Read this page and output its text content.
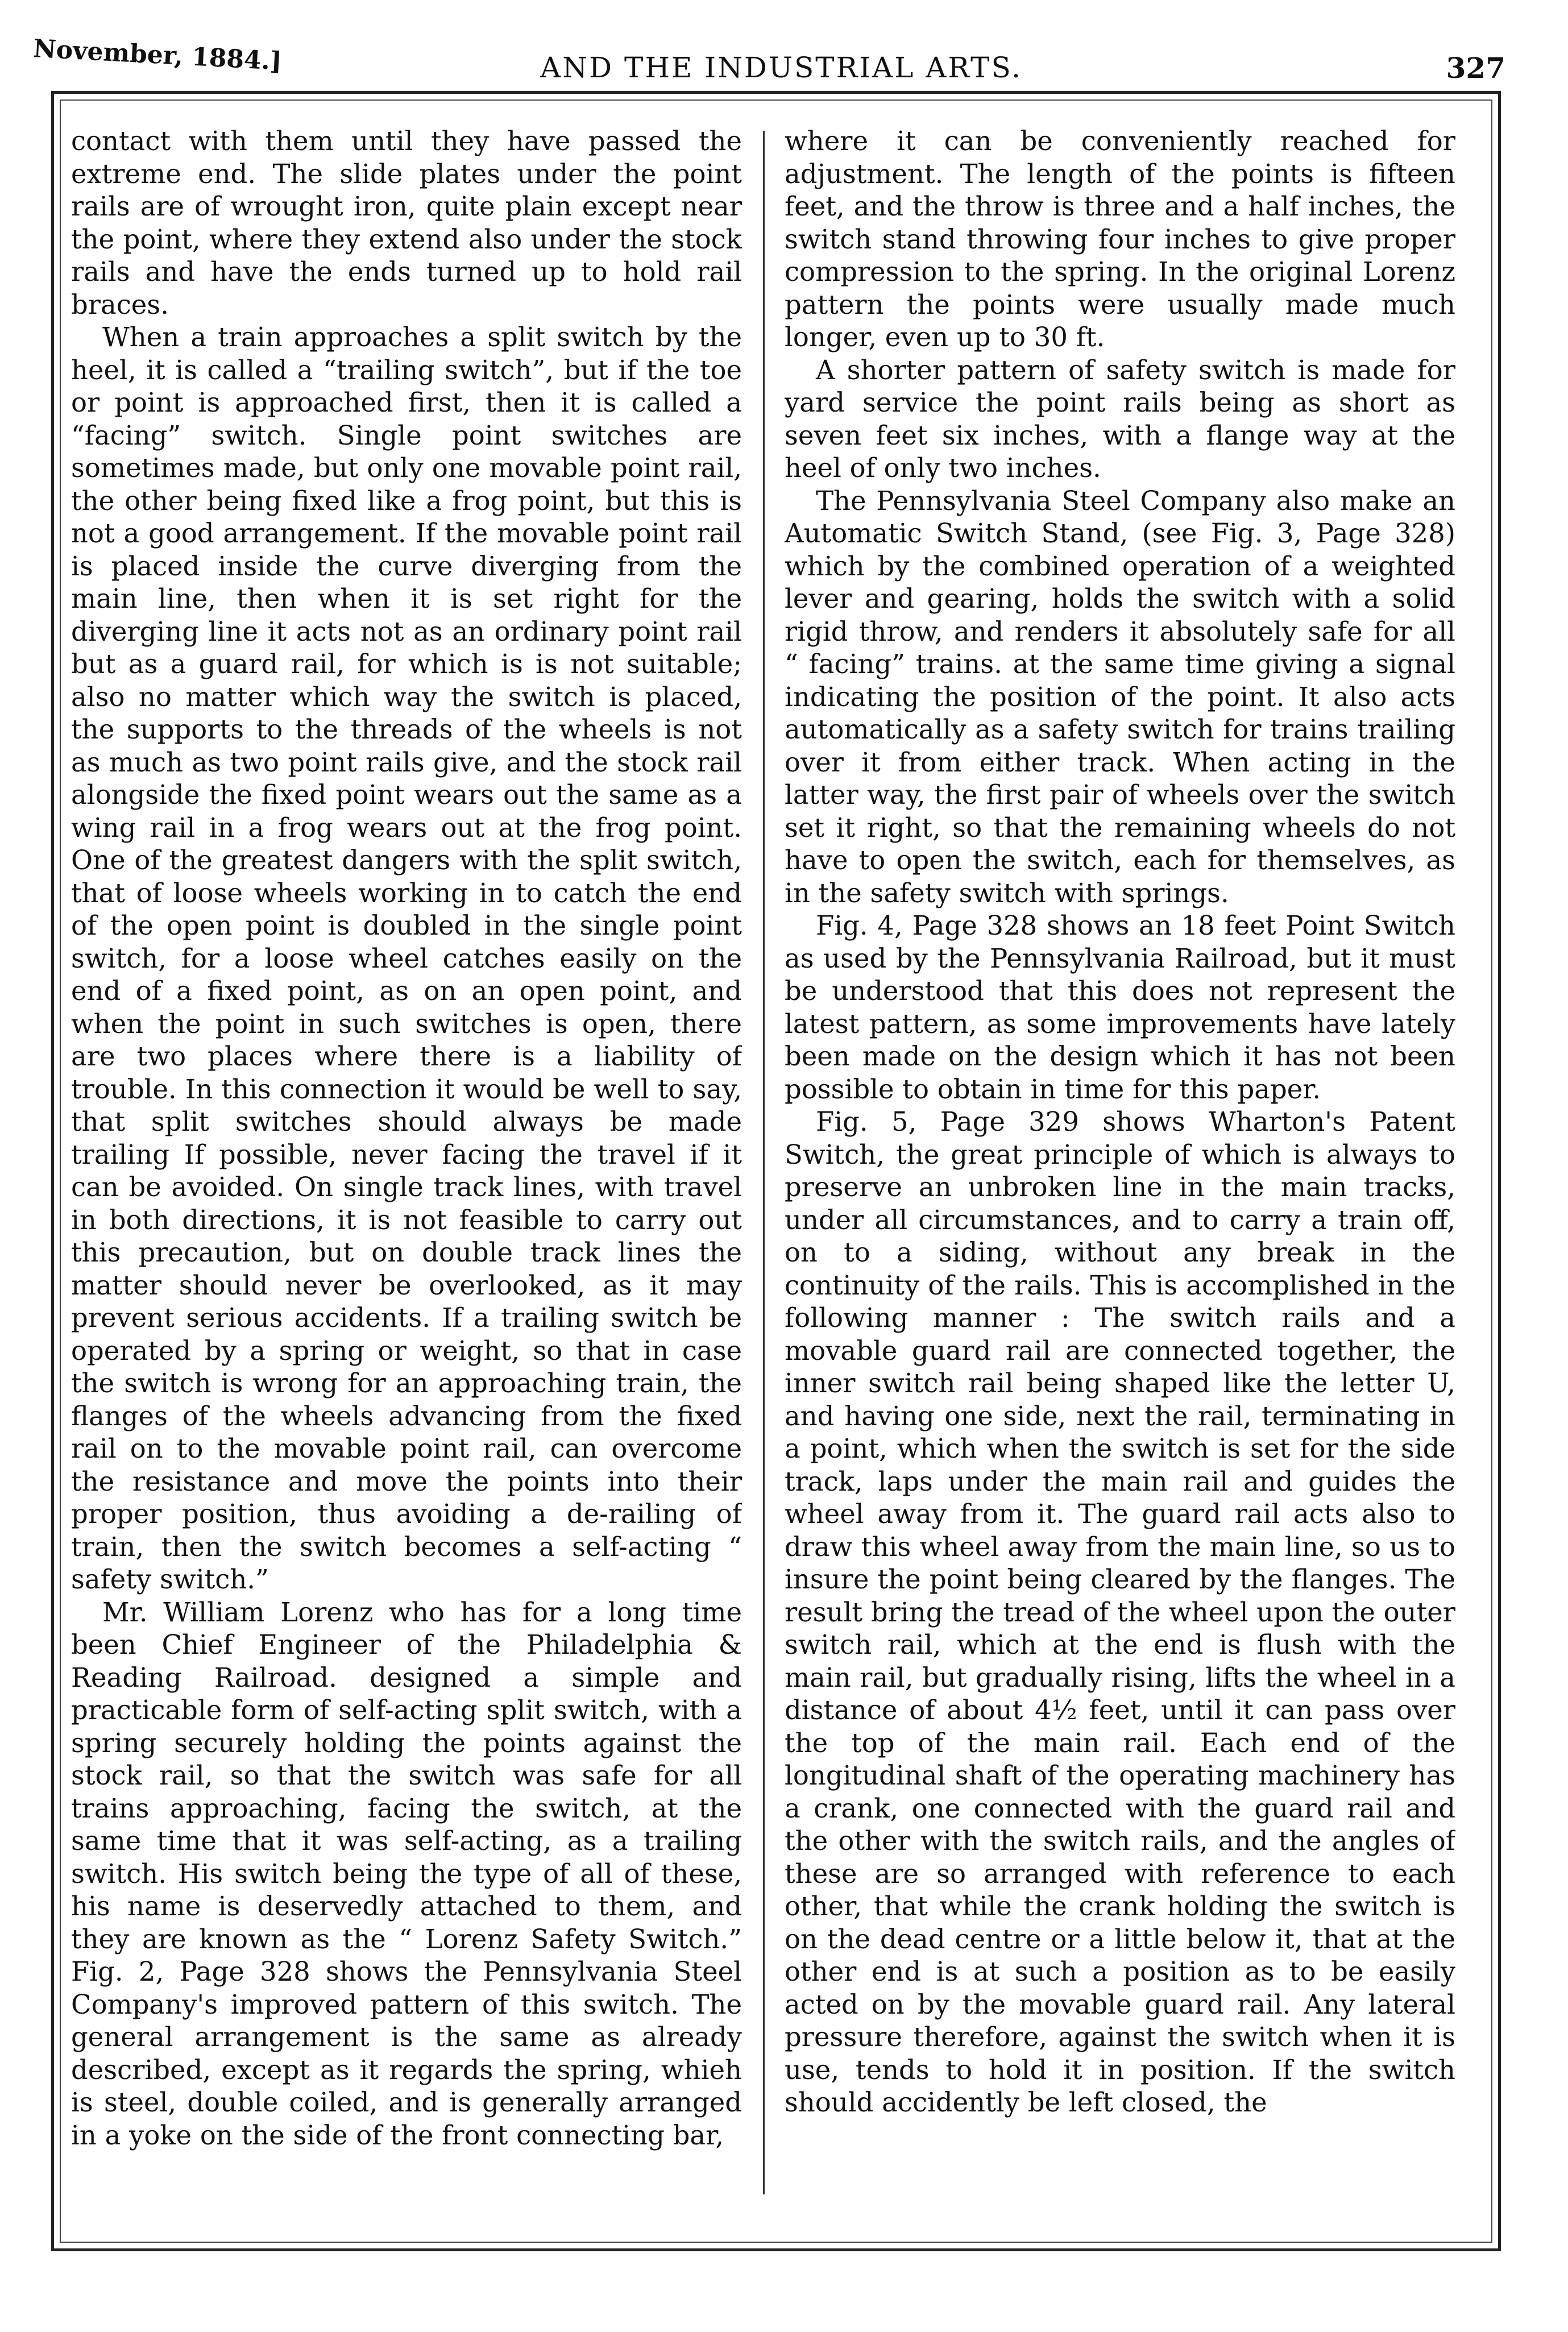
November, 1884.]	AND THE INDUSTRIAL ARTS.	327

contact with them until they have passed the extreme end. The slide plates under the point rails are of wrought iron, quite plain except near the point, where they extend also under the stock rails and have the ends turned up to hold rail braces.

When a train approaches a split switch by the heel, it is called a “trailing switch”, but if the toe or point is approached first, then it is called a “facing” switch. Single point switches are sometimes made, but only one movable point rail, the other being fixed like a frog point, but this is not a good arrangement. If the movable point rail is placed inside the curve diverging from the main line, then when it is set right for the diverging line it acts not as an ordinary point rail but as a guard rail, for which is is not suitable; also no matter which way the switch is placed, the supports to the threads of the wheels is not as much as two point rails give, and the stock rail alongside the fixed point wears out the same as a wing rail in a frog wears out at the frog point. One of the greatest dangers with the split switch, that of loose wheels working in to catch the end of the open point is doubled in the single point switch, for a loose wheel catches easily on the end of a fixed point, as on an open point, and when the point in such switches is open, there are two places where there is a liability of trouble. In this connection it would be well to say, that split switches should always be made trailing If possible, never facing the travel if it can be avoided. On single track lines, with travel in both directions, it is not feasible to carry out this precaution, but on double track lines the matter should never be overlooked, as it may prevent serious accidents. If a trailing switch be operated by a spring or weight, so that in case the switch is wrong for an approaching train, the flanges of the wheels advancing from the fixed rail on to the movable point rail, can overcome the resistance and move the points into their proper position, thus avoiding a de-railing of train, then the switch becomes a self-acting “ safety switch.”

Mr. William Lorenz who has for a long time been Chief Engineer of the Philadelphia & Reading Railroad. designed a simple and practicable form of self-acting split switch, with a spring securely holding the points against the stock rail, so that the switch was safe for all trains approaching, facing the switch, at the same time that it was self-acting, as a trailing switch. His switch being the type of all of these, his name is deservedly attached to them, and they are known as the “ Lorenz Safety Switch.” Fig. 2, Page 328 shows the Pennsylvania Steel Company's improved pattern of this switch. The general arrangement is the same as already described, except as it regards the spring, whieh is steel, double coiled, and is generally arranged in a yoke on the side of the front connecting bar,

where it can be conveniently reached for adjustment. The length of the points is fifteen feet, and the throw is three and a half inches, the switch stand throwing four inches to give proper compression to the spring. In the original Lorenz pattern the points were usually made much longer, even up to 30 ft.

A shorter pattern of safety switch is made for yard service the point rails being as short as seven feet six inches, with a flange way at the heel of only two inches.

The Pennsylvania Steel Company also make an Automatic Switch Stand, (see Fig. 3, Page 328) which by the combined operation of a weighted lever and gearing, holds the switch with a solid rigid throw, and renders it absolutely safe for all “ facing” trains. at the same time giving a signal indicating the position of the point. It also acts automatically as a safety switch for trains trailing over it from either track. When acting in the latter way, the first pair of wheels over the switch set it right, so that the remaining wheels do not have to open the switch, each for themselves, as in the safety switch with springs.

Fig. 4, Page 328 shows an 18 feet Point Switch as used by the Pennsylvania Railroad, but it must be understood that this does not represent the latest pattern, as some improvements have lately been made on the design which it has not been possible to obtain in time for this paper.

Fig. 5, Page 329 shows Wharton's Patent Switch, the great principle of which is always to preserve an unbroken line in the main tracks, under all circumstances, and to carry a train off, on to a siding, without any break in the continuity of the rails. This is accomplished in the following manner : The switch rails and a movable guard rail are connected together, the inner switch rail being shaped like the letter U, and having one side, next the rail, terminating in a point, which when the switch is set for the side track, laps under the main rail and guides the wheel away from it. The guard rail acts also to draw this wheel away from the main line, so us to insure the point being cleared by the flanges. The result bring the tread of the wheel upon the outer switch rail, which at the end is flush with the main rail, but gradually rising, lifts the wheel in a distance of about 4½ feet, until it can pass over the top of the main rail. Each end of the longitudinal shaft of the operating machinery has a crank, one connected with the guard rail and the other with the switch rails, and the angles of these are so arranged with reference to each other, that while the crank holding the switch is on the dead centre or a little below it, that at the other end is at such a position as to be easily acted on by the movable guard rail. Any lateral pressure therefore, against the switch when it is use, tends to hold it in position. If the switch should accidently be left closed, the
